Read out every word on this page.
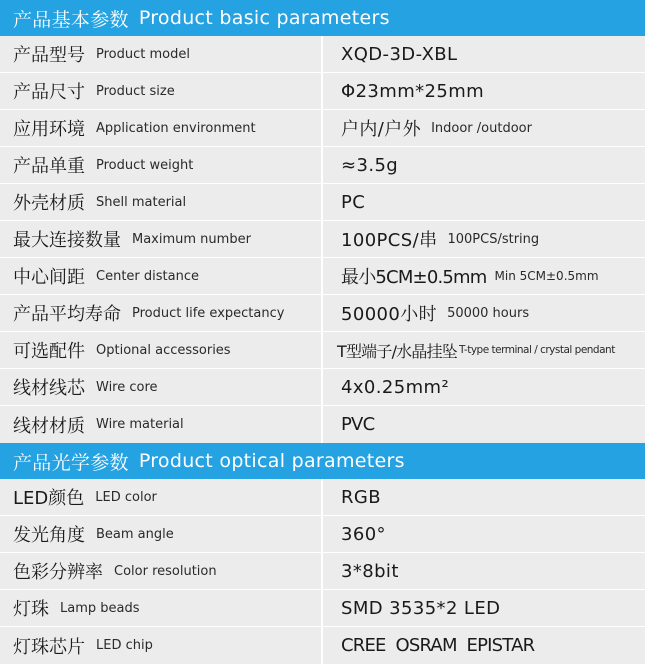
产品基本参数 Product basic parameters
产品型号 Product model	XQD-3D-XBL
产品尺寸 Product size	Φ23mm*25mm
应用环境 Application environment	户内/户外 Indoor /outdoor
产品单重 Product weight	≈3.5g
外壳材质 Shell material	PC
最大连接数量 Maximum number	100PCS/串 100PCS/string
中心间距 Center distance	最小5CM±0.5mm Min 5CM±0.5mm
产品平均寿命 Product life expectancy	50000小时 50000 hours
可选配件 Optional accessories	T型端子/水晶挂坠 T-type terminal / crystal pendant
线材线芯 Wire core	4x0.25mm²
线材材质 Wire material	PVC
产品光学参数 Product optical parameters
LED颜色 LED color	RGB
发光角度 Beam angle	360°
色彩分辨率 Color resolution	3*8bit
灯珠 Lamp beads	SMD 3535*2 LED
灯珠芯片 LED chip	CREE  OSRAM  EPISTAR
